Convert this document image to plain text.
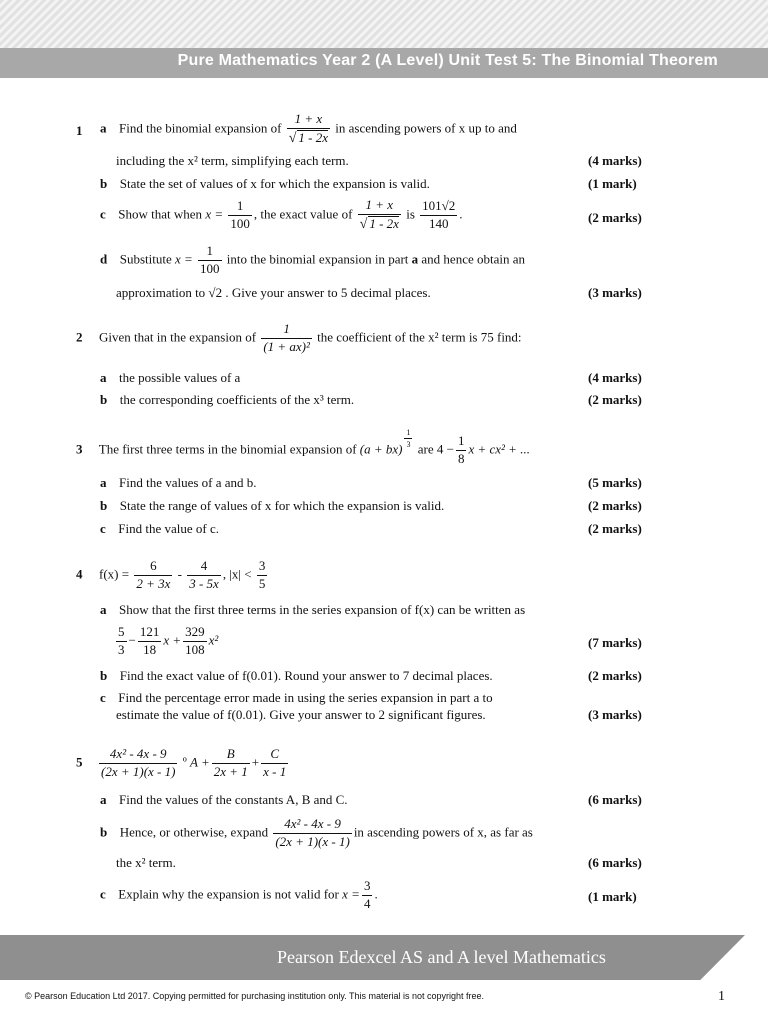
Pure Mathematics Year 2 (A Level) Unit Test 5: The Binomial Theorem
1 a Find the binomial expansion of $\frac{1 + x}{√ 1 - 2x}$ in ascending powers of x up to and
including the x² term, simplifying each term.	(4 marks)
b State the set of values of x for which the expansion is valid.	(1 mark)
c Show that when $x = \frac{1}{100}$ , the exact value of $\frac{1 + x}{√ 1 - 2x}$ is $\frac{101√2}{140}$ .	(2 marks)
d Substitute $x = \frac{1}{100}$ into the binomial expansion in part a and hence obtain an
approximation to √2 . Give your answer to 5 decimal places.	(3 marks)
2 Given that in the expansion of $\frac{1}{\text{(1 + ax)²}}$ the coefficient of the x² term is 75 find:
a the possible values of a	(4 marks)
b the corresponding coefficients of the x³ term.	(2 marks)
3 The first three terms in the binomial expansion of $(a + bx) \frac{1}{3}$ are $4 - \frac{1}{8}$ x + cx² + ...
a Find the values of a and b.	(5 marks)
b State the range of values of x for which the expansion is valid.	(2 marks)
c Find the value of c.	(2 marks)
4 $f(x) = \frac{6}{2 + 3x} - \frac{4}{3 - 5x}$ , $|x| < \frac{3}{5}$
a Show that the first three terms in the series expansion of f(x) can be written as
$\frac{5}{3} - \frac{121}{18}$ $x + \frac{329}{108} x^2$	(7 marks)
b Find the exact value of f(0.01). Round your answer to 7 decimal places.	(2 marks)
c Find the percentage error made in using the series expansion in part a to
estimate the value of f(0.01). Give your answer to 2 significant figures.	(3 marks)
$5 \frac{\text{4x² - 4x - 9}}{(2x + 1)(x - 1)}$ º $A + \frac{B}{2x + 1} + \frac{C}{x - 1}$
a Find the values of the constants A, B and C.	(6 marks)
b Hence, or otherwise, expand $\frac{\text{4x² - 4x - 9}}{(2x + 1)(x - 1)}$ in ascending powers of x, as far as
the x² term.	(6 marks)
c Explain why the expansion is not valid for $x = \frac{3}{4}$ .	(1 mark)
Pearson Edexcel AS and A level Mathematics
© Pearson Education Ltd 2017. Copying permitted for purchasing institution only. This material is not copyright free.	1
